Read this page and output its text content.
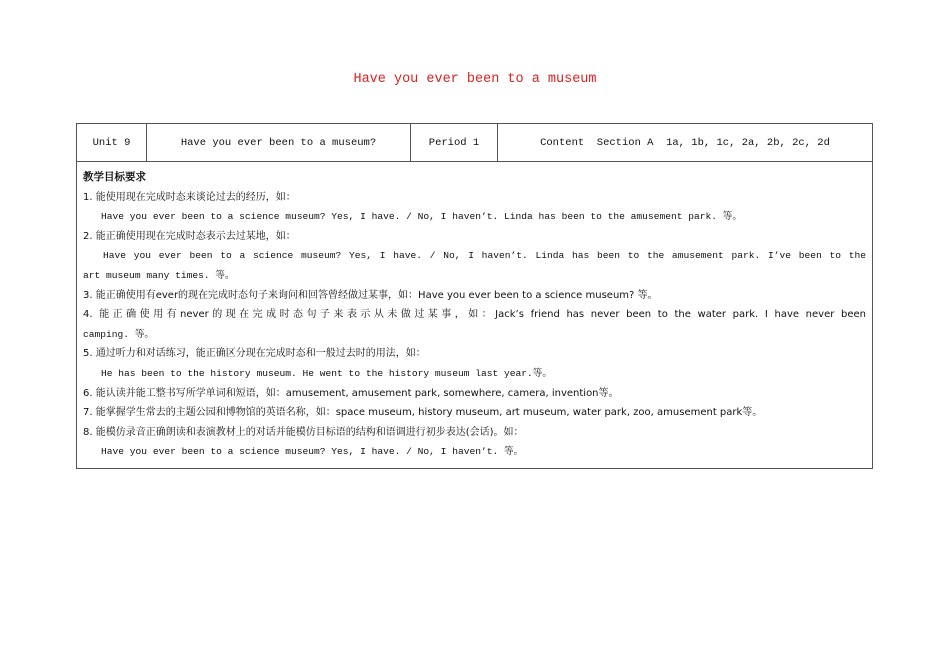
Have you ever been to a museum
Unit 9	Have you ever been to a museum?	Period 1	Content  Section A  1a, 1b, 1c, 2a, 2b, 2c, 2d

教学目标要求
1. 能使用现在完成时态来谈论过去的经历，如：
Have you ever been to a science museum? Yes, I have. / No, I haven’t. Linda has been to the amusement park. 等。
2. 能正确使用现在完成时态表示去过某地，如：
Have you ever been to a science museum? Yes, I have. / No, I haven’t. Linda has been to the amusement park. I’ve been to the
art museum many times. 等。
3. 能正确使用有ever的现在完成时态句子来询问和回答曾经做过某事，如：Have you ever been to a science museum? 等。
4. 能正确使用有never的现在完成时态句子来表示从未做过某事，如：Jack’s friend has never been to the water park. I have never been
camping. 等。
5. 通过听力和对话练习，能正确区分现在完成时态和一般过去时的用法，如：
He has been to the history museum. He went to the history museum last year.等。
6. 能认读并能工整书写所学单词和短语，如：amusement, amusement park, somewhere, camera, invention等。
7. 能掌握学生常去的主题公园和博物馆的英语名称，如：space museum, history museum, art museum, water park, zoo, amusement park等。
8. 能模仿录音正确朗读和表演教材上的对话并能模仿目标语的结构和语调进行初步表达(会话)。如：
Have you ever been to a science museum? Yes, I have. / No, I haven’t. 等。
